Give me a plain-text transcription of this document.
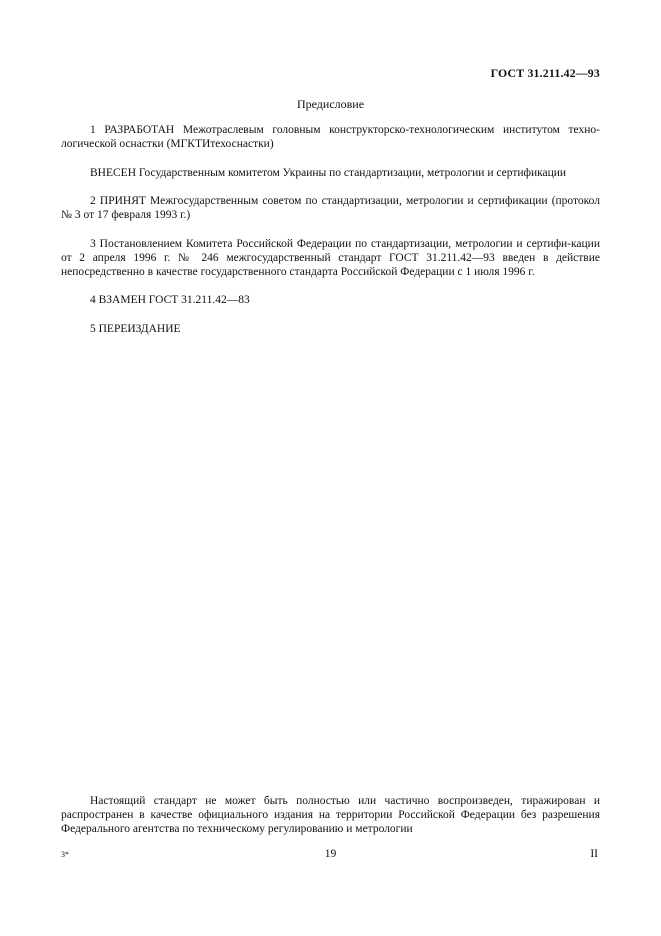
ГОСТ 31.211.42—93
Предисловие

1 РАЗРАБОТАН Межотраслевым головным конструкторско-технологическим институтом техно-логической оснастки (МГКТИтехоснастки)

ВНЕСЕН Государственным комитетом Украины по стандартизации, метрологии и сертификации

2 ПРИНЯТ Межгосударственным советом по стандартизации, метрологии и сертификации (протокол № 3 от 17 февраля 1993 г.)

3 Постановлением Комитета Российской Федерации по стандартизации, метрологии и сертифи-кации от 2 апреля 1996 г. № 246 межгосударственный стандарт ГОСТ 31.211.42—93 введен в действие непосредственно в качестве государственного стандарта Российской Федерации с 1 июля 1996 г.

4 ВЗАМЕН ГОСТ 31.211.42—83

5 ПЕРЕИЗДАНИЕ

Настоящий стандарт не может быть полностью или частично воспроизведен, тиражирован и распространен в качестве официального издания на территории Российской Федерации без разрешения Федерального агентства по техническому регулированию и метрологии
3*	19	II
